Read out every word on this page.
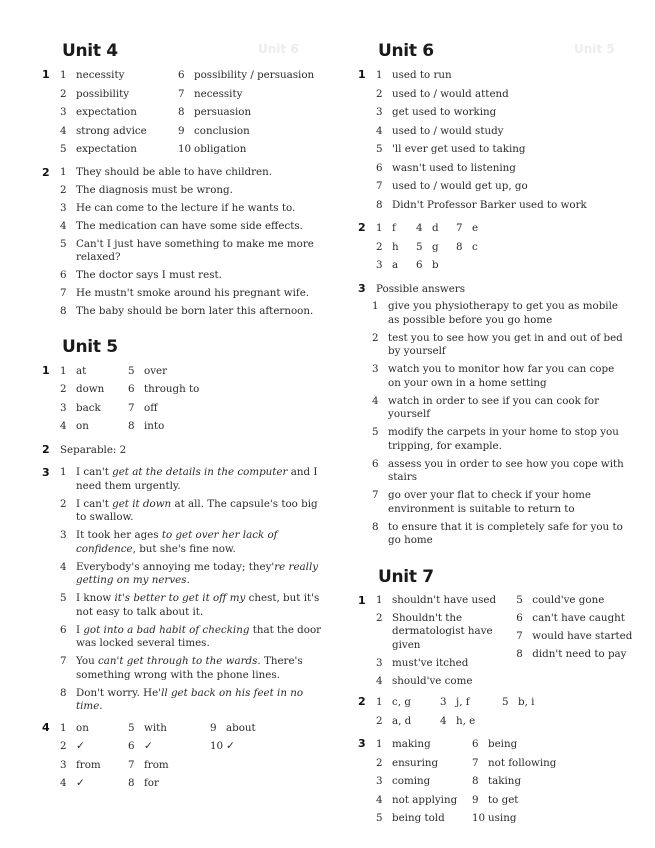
Unit 6	Unit 5
Unit 4
1 1 necessity	6 possibility / persuasion
2 possibility	7 necessity
3 expectation	8 persuasion
4 strong advice	9 conclusion
5 expectation	10 obligation
2 1 They should be able to have children.
2 The diagnosis must be wrong.
3 He can come to the lecture if he wants to.
4 The medication can have some side effects.
5 Can't I just have something to make me more relaxed?
6 The doctor says I must rest.
7 He mustn't smoke around his pregnant wife.
8 The baby should be born later this afternoon.
Unit 5
1 1 at	5 over
2 down	6 through to
3 back	7 off
4 on	8 into
2 Separable: 2
3 1 I can't get at the details in the computer and I need them urgently.
2 I can't get it down at all. The capsule's too big to swallow.
3 It took her ages to get over her lack of confidence, but she's fine now.
4 Everybody's annoying me today; they're really getting on my nerves.
5 I know it's better to get it off my chest, but it's not easy to talk about it.
6 I got into a bad habit of checking that the door was locked several times.
7 You can't get through to the wards. There's something wrong with the phone lines.
8 Don't worry. He'll get back on his feet in no time.
4 1 on	5 with	9 about
2 ✓	6 ✓	10 ✓
3 from	7 from
4 ✓	8 for
Unit 6
1 1 used to run
2 used to / would attend
3 get used to working
4 used to / would study
5 'll ever get used to taking
6 wasn't used to listening
7 used to / would get up, go
8 Didn't Professor Barker used to work
2 1 f	4 d	7 e
2 h	5 g	8 c
3 a	6 b
3 Possible answers
1 give you physiotherapy to get you as mobile as possible before you go home
2 test you to see how you get in and out of bed by yourself
3 watch you to monitor how far you can cope on your own in a home setting
4 watch in order to see if you can cook for yourself
5 modify the carpets in your home to stop you tripping, for example.
6 assess you in order to see how you cope with stairs
7 go over your flat to check if your home environment is suitable to return to
8 to ensure that it is completely safe for you to go home
Unit 7
1 1 shouldn't have used
2 Shouldn't the dermatologist have given
3 must've itched
4 should've come
5 could've gone
6 can't have caught
7 would have started
8 didn't need to pay
2 1 c, g	3 j, f	5 b, i
2 a, d	4 h, e
3 1 making	6 being
2 ensuring	7 not following
3 coming	8 taking
4 not applying	9 to get
5 being told	10 using
